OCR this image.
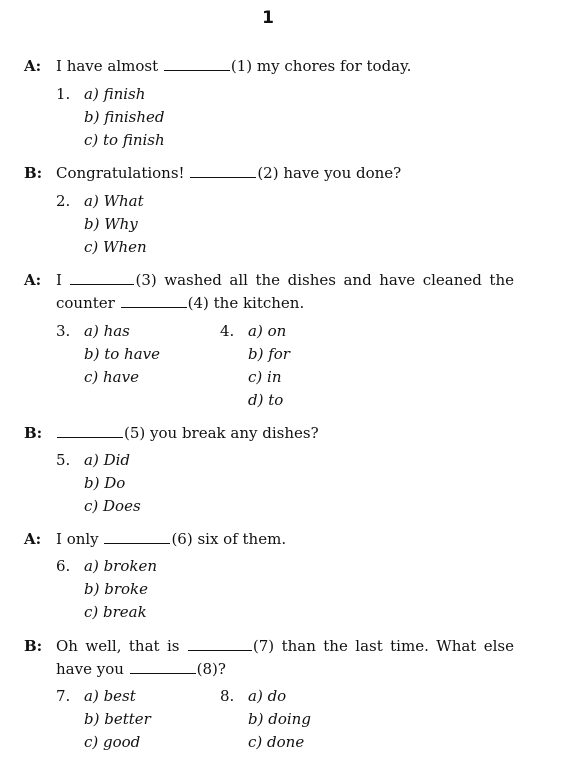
1
A: I have almost	(1) my chores for today.
1. a) finish
b) finished
c) to finish
B: Congratulations!	(2) have you done?
2. a) What
b) Why
c) When
A: I	(3) washed all the dishes and have cleaned the
counter	(4) the kitchen.
3. a) has
b) to have
c) have
4. a) on
b) for
c) in
d) to
B:	(5) you break any dishes?
5. a) Did
b) Do
c) Does
A: I only	(6) six of them.
6. a) broken
b) broke
c) break
B: Oh well, that is	(7) than the last time. What else
have you	(8)?
7. a) best
b) better
c) good
8. a) do
b) doing
c) done
